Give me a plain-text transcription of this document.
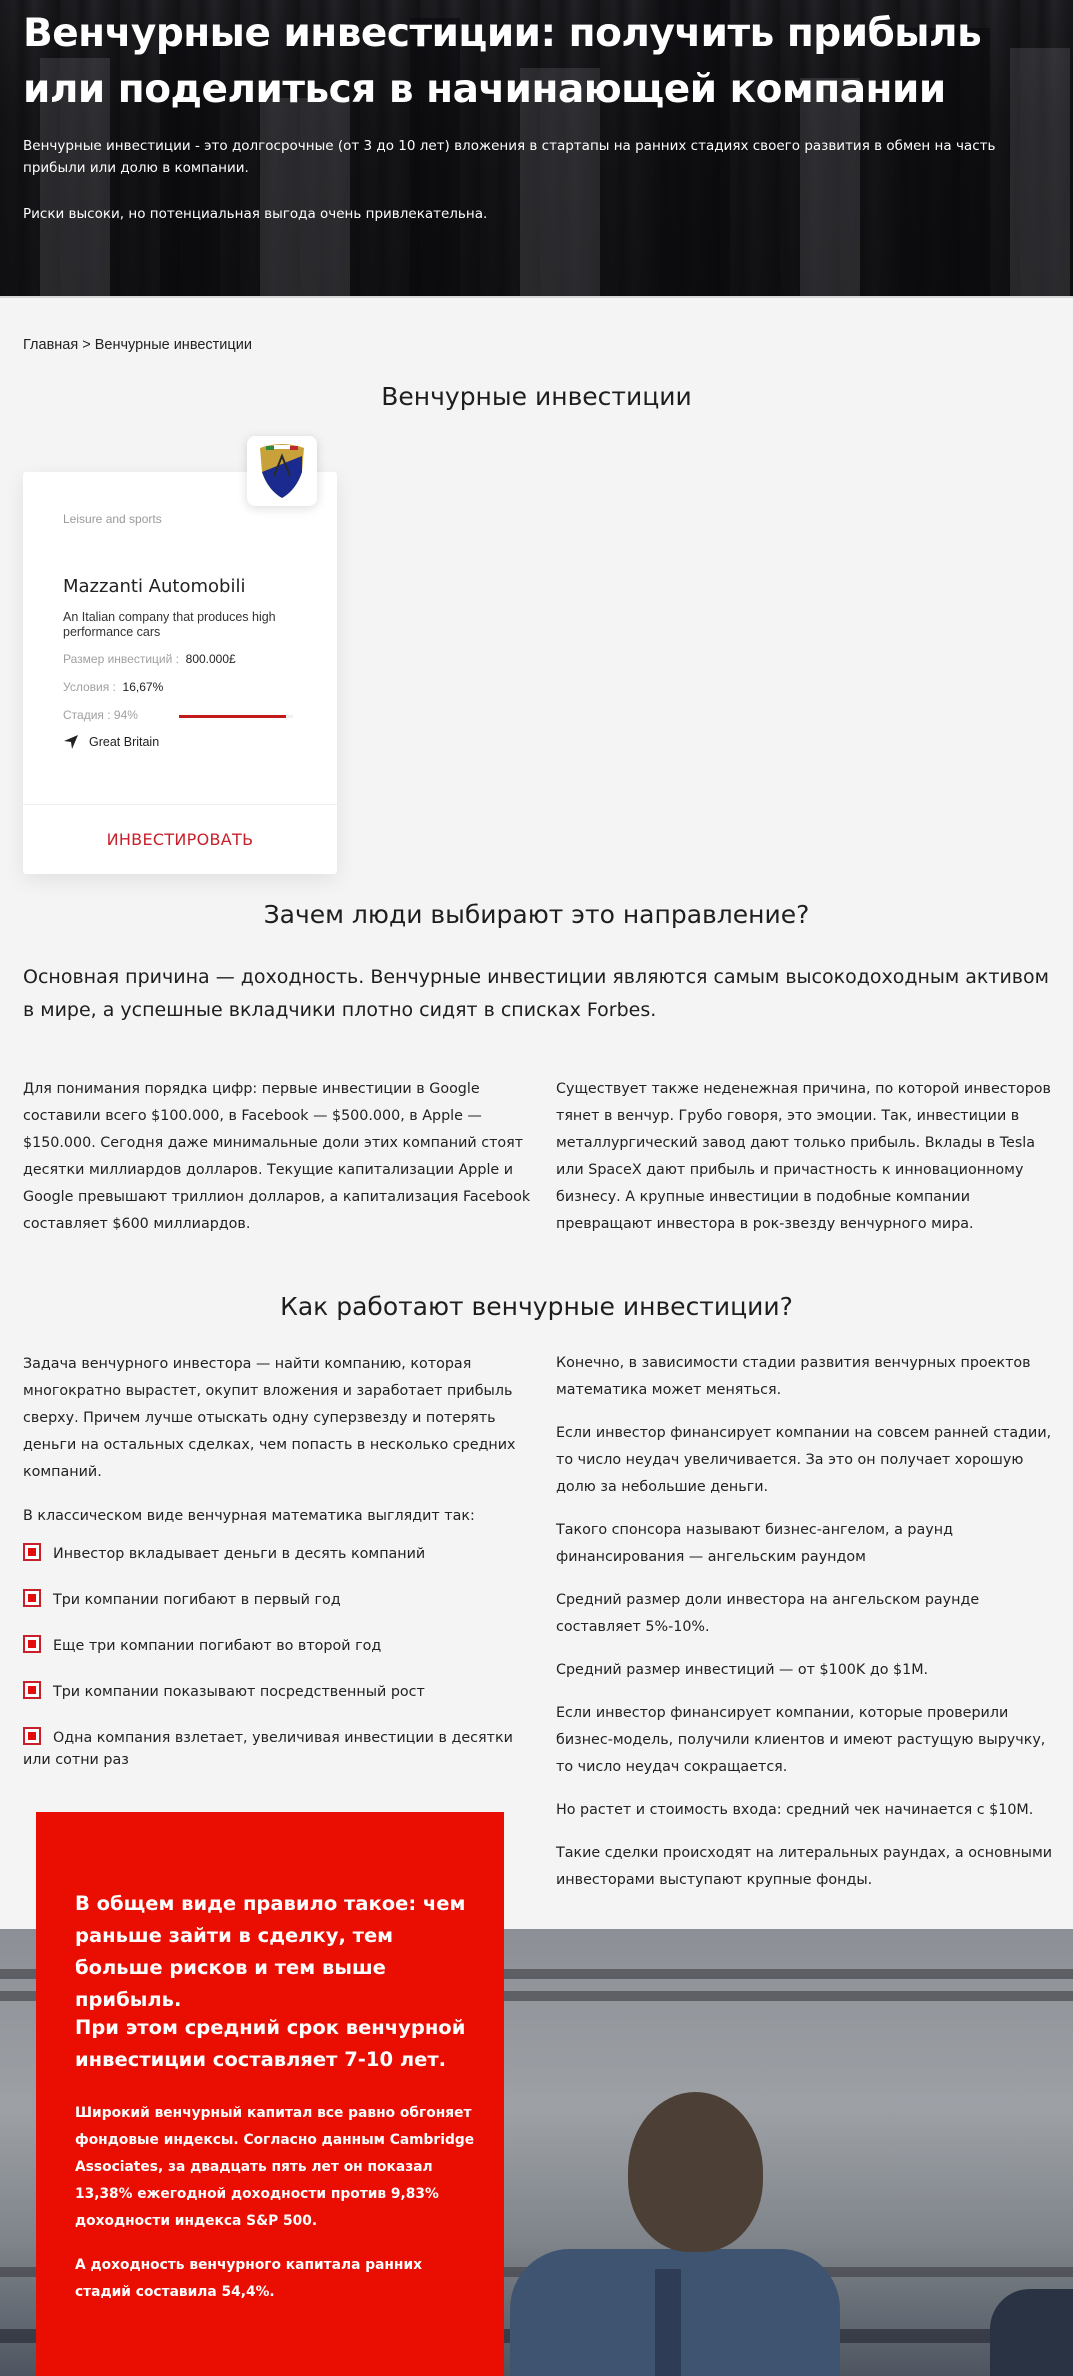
Венчурные инвестиции: получить прибыль или поделиться в начинающей компании

Венчурные инвестиции - это долгосрочные (от 3 до 10 лет) вложения в стартапы на ранних стадиях своего развития в обмен на часть прибыли или долю в компании.

Риски высоки, но потенциальная выгода очень привлекательна.

Главная > Венчурные инвестиции
Венчурные инвестиции
Leisure and sports
Mazzanti Automobili
An Italian company that produces high performance cars
Размер инвестиций : 800.000£
Условия : 16,67%
Стадия : 94%
Great Britain
ИНВЕСТИРОВАТЬ
Зачем люди выбирают это направление?

Основная причина — доходность. Венчурные инвестиции являются самым высокодоходным активом в мире, а успешные вкладчики плотно сидят в списках Forbes.

Для понимания порядка цифр: первые инвестиции в Google составили всего $100.000, в Facebook — $500.000, в Apple — $150.000. Сегодня даже минимальные доли этих компаний стоят десятки миллиардов долларов. Текущие капитализации Apple и Google превышают триллион долларов, а капитализация Facebook составляет $600 миллиардов.

Существует также неденежная причина, по которой инвесторов тянет в венчур. Грубо говоря, это эмоции. Так, инвестиции в металлургический завод дают только прибыль. Вклады в Tesla или SpaceX дают прибыль и причастность к инновационному бизнесу. А крупные инвестиции в подобные компании превращают инвестора в рок-звезду венчурного мира.

Как работают венчурные инвестиции?

Задача венчурного инвестора — найти компанию, которая многократно вырастет, окупит вложения и заработает прибыль сверху. Причем лучше отыскать одну суперзвезду и потерять деньги на остальных сделках, чем попасть в несколько средних компаний.

В классическом виде венчурная математика выглядит так:

Инвестор вкладывает деньги в десять компаний
Три компании погибают в первый год
Еще три компании погибают во второй год
Три компании показывают посредственный рост
Одна компания взлетает, увеличивая инвестиции в десятки или сотни раз

Конечно, в зависимости стадии развития венчурных проектов математика может меняться.

Если инвестор финансирует компании на совсем ранней стадии, то число неудач увеличивается. За это он получает хорошую долю за небольшие деньги.

Такого спонсора называют бизнес-ангелом, а раунд финансирования — ангельским раундом

Средний размер доли инвестора на ангельском раунде составляет 5%-10%.

Средний размер инвестиций — от $100K до $1M.

Если инвестор финансирует компании, которые проверили бизнес-модель, получили клиентов и имеют растущую выручку, то число неудач сокращается.

Но растет и стоимость входа: средний чек начинается с $10M.

Такие сделки происходят на литеральных раундах, а основными инвесторами выступают крупные фонды.

В общем виде правило такое: чем раньше зайти в сделку, тем больше рисков и тем выше прибыль.

При этом средний срок венчурной инвестиции составляет 7-10 лет.

Широкий венчурный капитал все равно обгоняет фондовые индексы. Согласно данным Cambridge Associates, за двадцать пять лет он показал 13,38% ежегодной доходности против 9,83% доходности индекса S&P 500.

А доходность венчурного капитала ранних стадий составила 54,4%.
